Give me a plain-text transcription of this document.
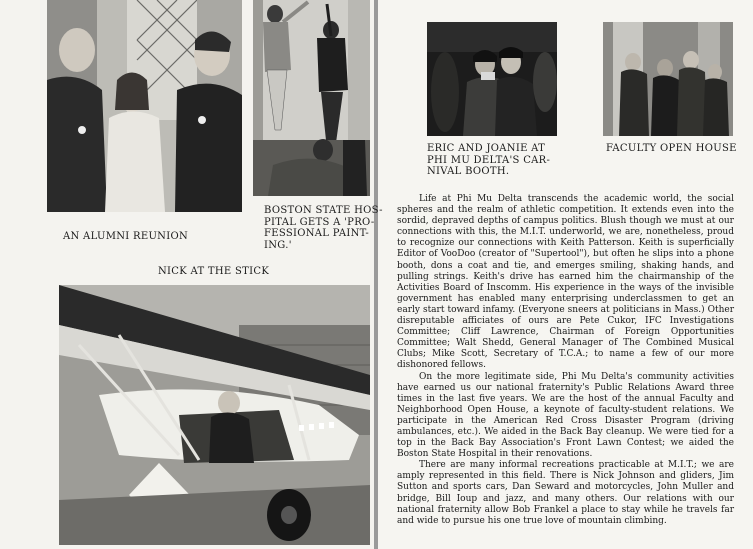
AN ALUMNI REUNION
BOSTON STATE HOS-
PITAL GETS A 'PRO-
FESSIONAL PAINT-
ING.'
NICK AT THE STICK
ERIC AND JOANIE AT
PHI MU DELTA'S CAR-
NIVAL BOOTH.
FACULTY OPEN HOUSE

Life at Phi Mu Delta transcends the academic world, the social spheres and the realm of athletic competition. It extends even into the sordid, depraved depths of campus politics. Blush though we must at our connections with this, the M.I.T. underworld, we are, nonetheless, proud to recognize our connections with Keith Patterson. Keith is superficially Editor of VooDoo (creator of "Supertool"), but often he slips into a phone booth, dons a coat and tie, and emerges smiling, shaking hands, and pulling strings. Keith's drive has earned him the chairmanship of the Activities Board of Inscomm. His experience in the ways of the invisible government has enabled many enterprising underclassmen to get an early start toward infamy. (Everyone sneers at politicians in Mass.) Other disreputable afficiates of ours are Pete Cukor, IFC Investigations Committee; Cliff Lawrence, Chairman of Foreign Opportunities Committee; Walt Shedd, General Manager of The Combined Musical Clubs; Mike Scott, Secretary of T.C.A.; to name a few of our more dishonored fellows.

On the more legitimate side, Phi Mu Delta's community activities have earned us our national fraternity's Public Relations Award three times in the last five years. We are the host of the annual Faculty and Neighborhood Open House, a keynote of faculty-student relations. We participate in the American Red Cross Disaster Program (driving ambulances, etc.). We aided in the Back Bay cleanup. We were tied for a top in the Back Bay Association's Front Lawn Contest; we aided the Boston State Hospital in their renovations.

There are many informal recreations practicable at M.I.T.; we are amply represented in this field. There is Nick Johnson and gliders, Jim Sutton and sports cars, Dan Seward and motorcycles, John Muller and bridge, Bill Ioup and jazz, and many others. Our relations with our national fraternity allow Bob Frankel a place to stay while he travels far and wide to pursue his one true love of mountain climbing.
